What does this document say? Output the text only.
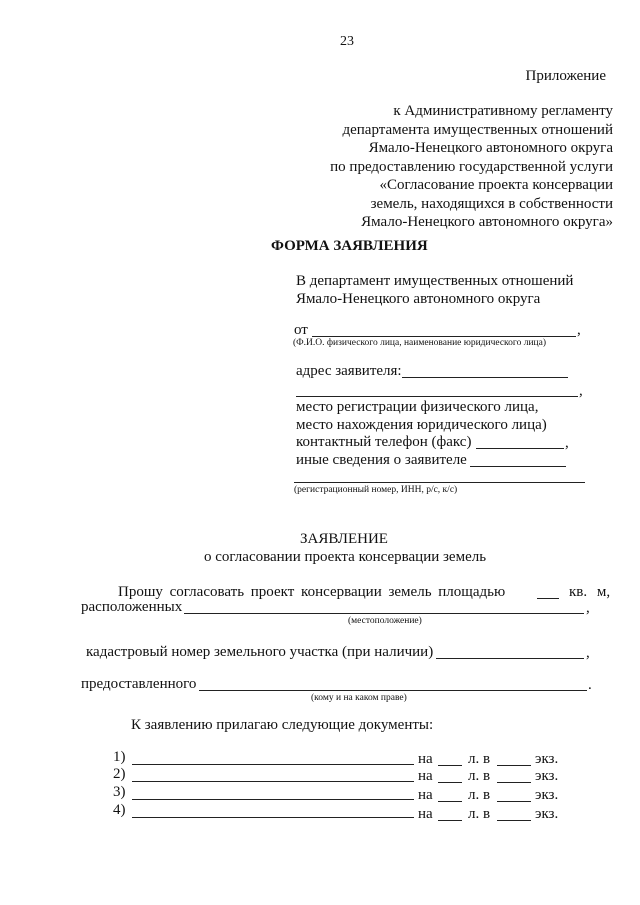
23
Приложение
к Административному регламенту
департамента имущественных отношений
Ямало-Ненецкого автономного округа
по предоставлению государственной услуги
«Согласование проекта консервации
земель, находящихся в собственности
Ямало-Ненецкого автономного округа»
ФОРМА ЗАЯВЛЕНИЯ
В департамент имущественных отношений
Ямало-Ненецкого автономного округа
от	,
(Ф.И.О. физического лица, наименование юридического лица)
адрес заявителя:
,
место регистрации физического лица,
место нахождения юридического лица)
контактный телефон (факс)	,
иные сведения о заявителе
(регистрационный номер, ИНН, р/с, к/с)
ЗАЯВЛЕНИЕ
о согласовании проекта консервации земель
Прошу согласовать проект консервации земель площадью	кв. м,
расположенных	,
(местоположение)
кадастровый номер земельного участка (при наличии)	,
предоставленного	.
(кому и на каком праве)
К заявлению прилагаю следующие документы:
1)	на л. в	экз.
2)	на л. в	экз.
3)	на л. в	экз.
4)	на л. в	экз.
